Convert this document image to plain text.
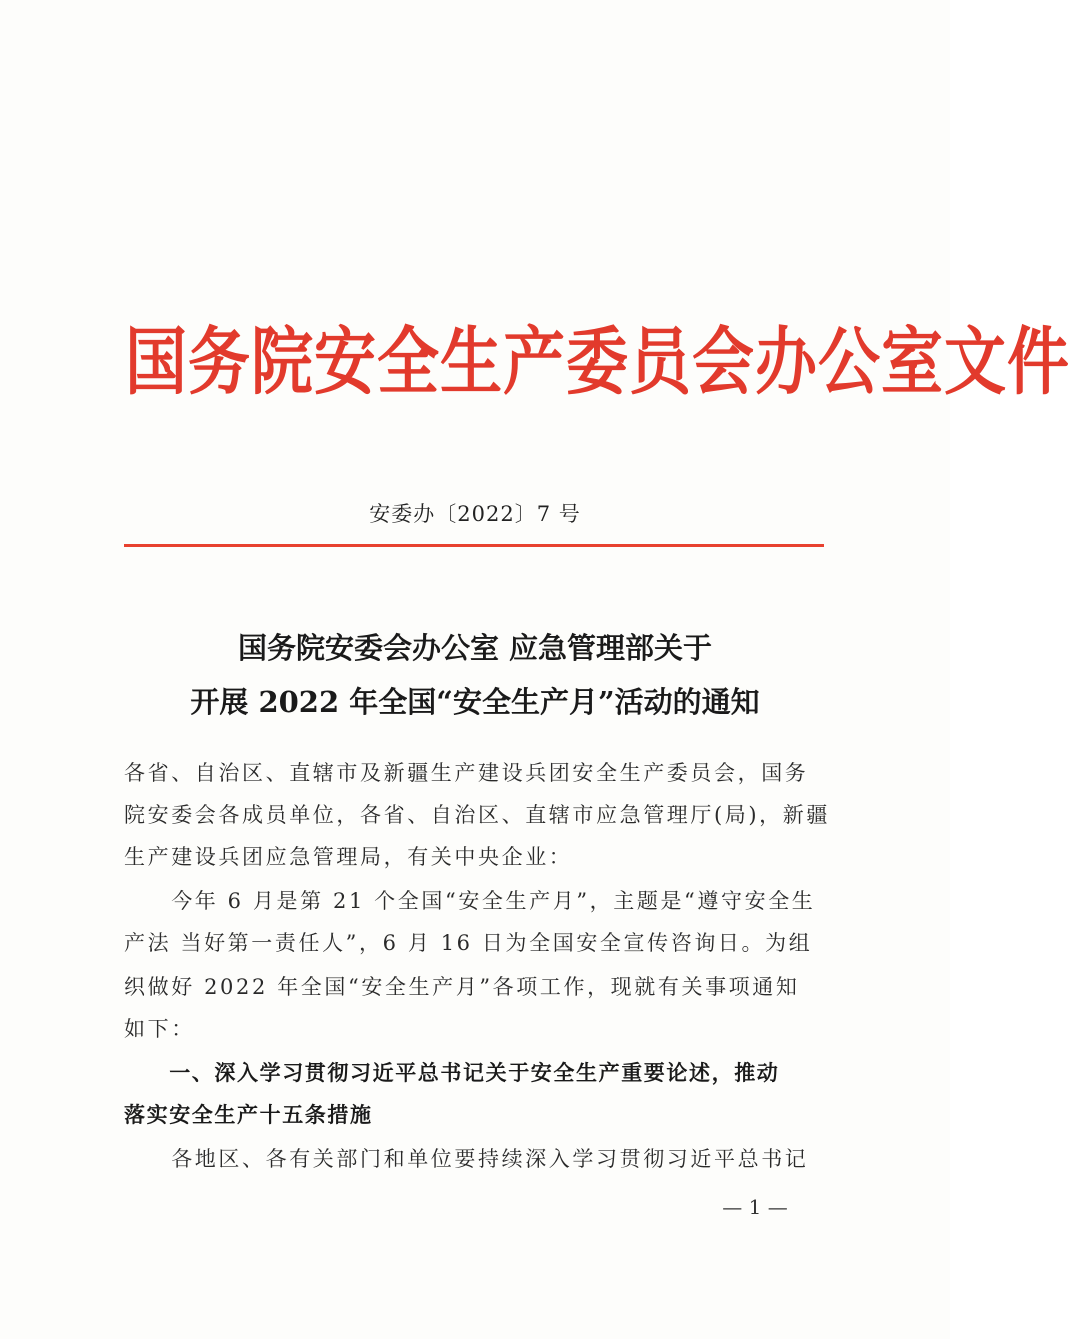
国务院安全生产委员会办公室文件
安委办〔2022〕7 号
国务院安委会办公室 应急管理部关于
开展 2022 年全国“安全生产月”活动的通知
各省、自治区、直辖市及新疆生产建设兵团安全生产委员会，国务
院安委会各成员单位，各省、自治区、直辖市应急管理厅(局)，新疆
生产建设兵团应急管理局，有关中央企业：
　　今年 6 月是第 21 个全国“安全生产月”，主题是“遵守安全生
产法 当好第一责任人”，6 月 16 日为全国安全宣传咨询日。为组
织做好 2022 年全国“安全生产月”各项工作，现就有关事项通知
如下：
　　一、深入学习贯彻习近平总书记关于安全生产重要论述，推动
落实安全生产十五条措施
　　各地区、各有关部门和单位要持续深入学习贯彻习近平总书记
— 1 —
